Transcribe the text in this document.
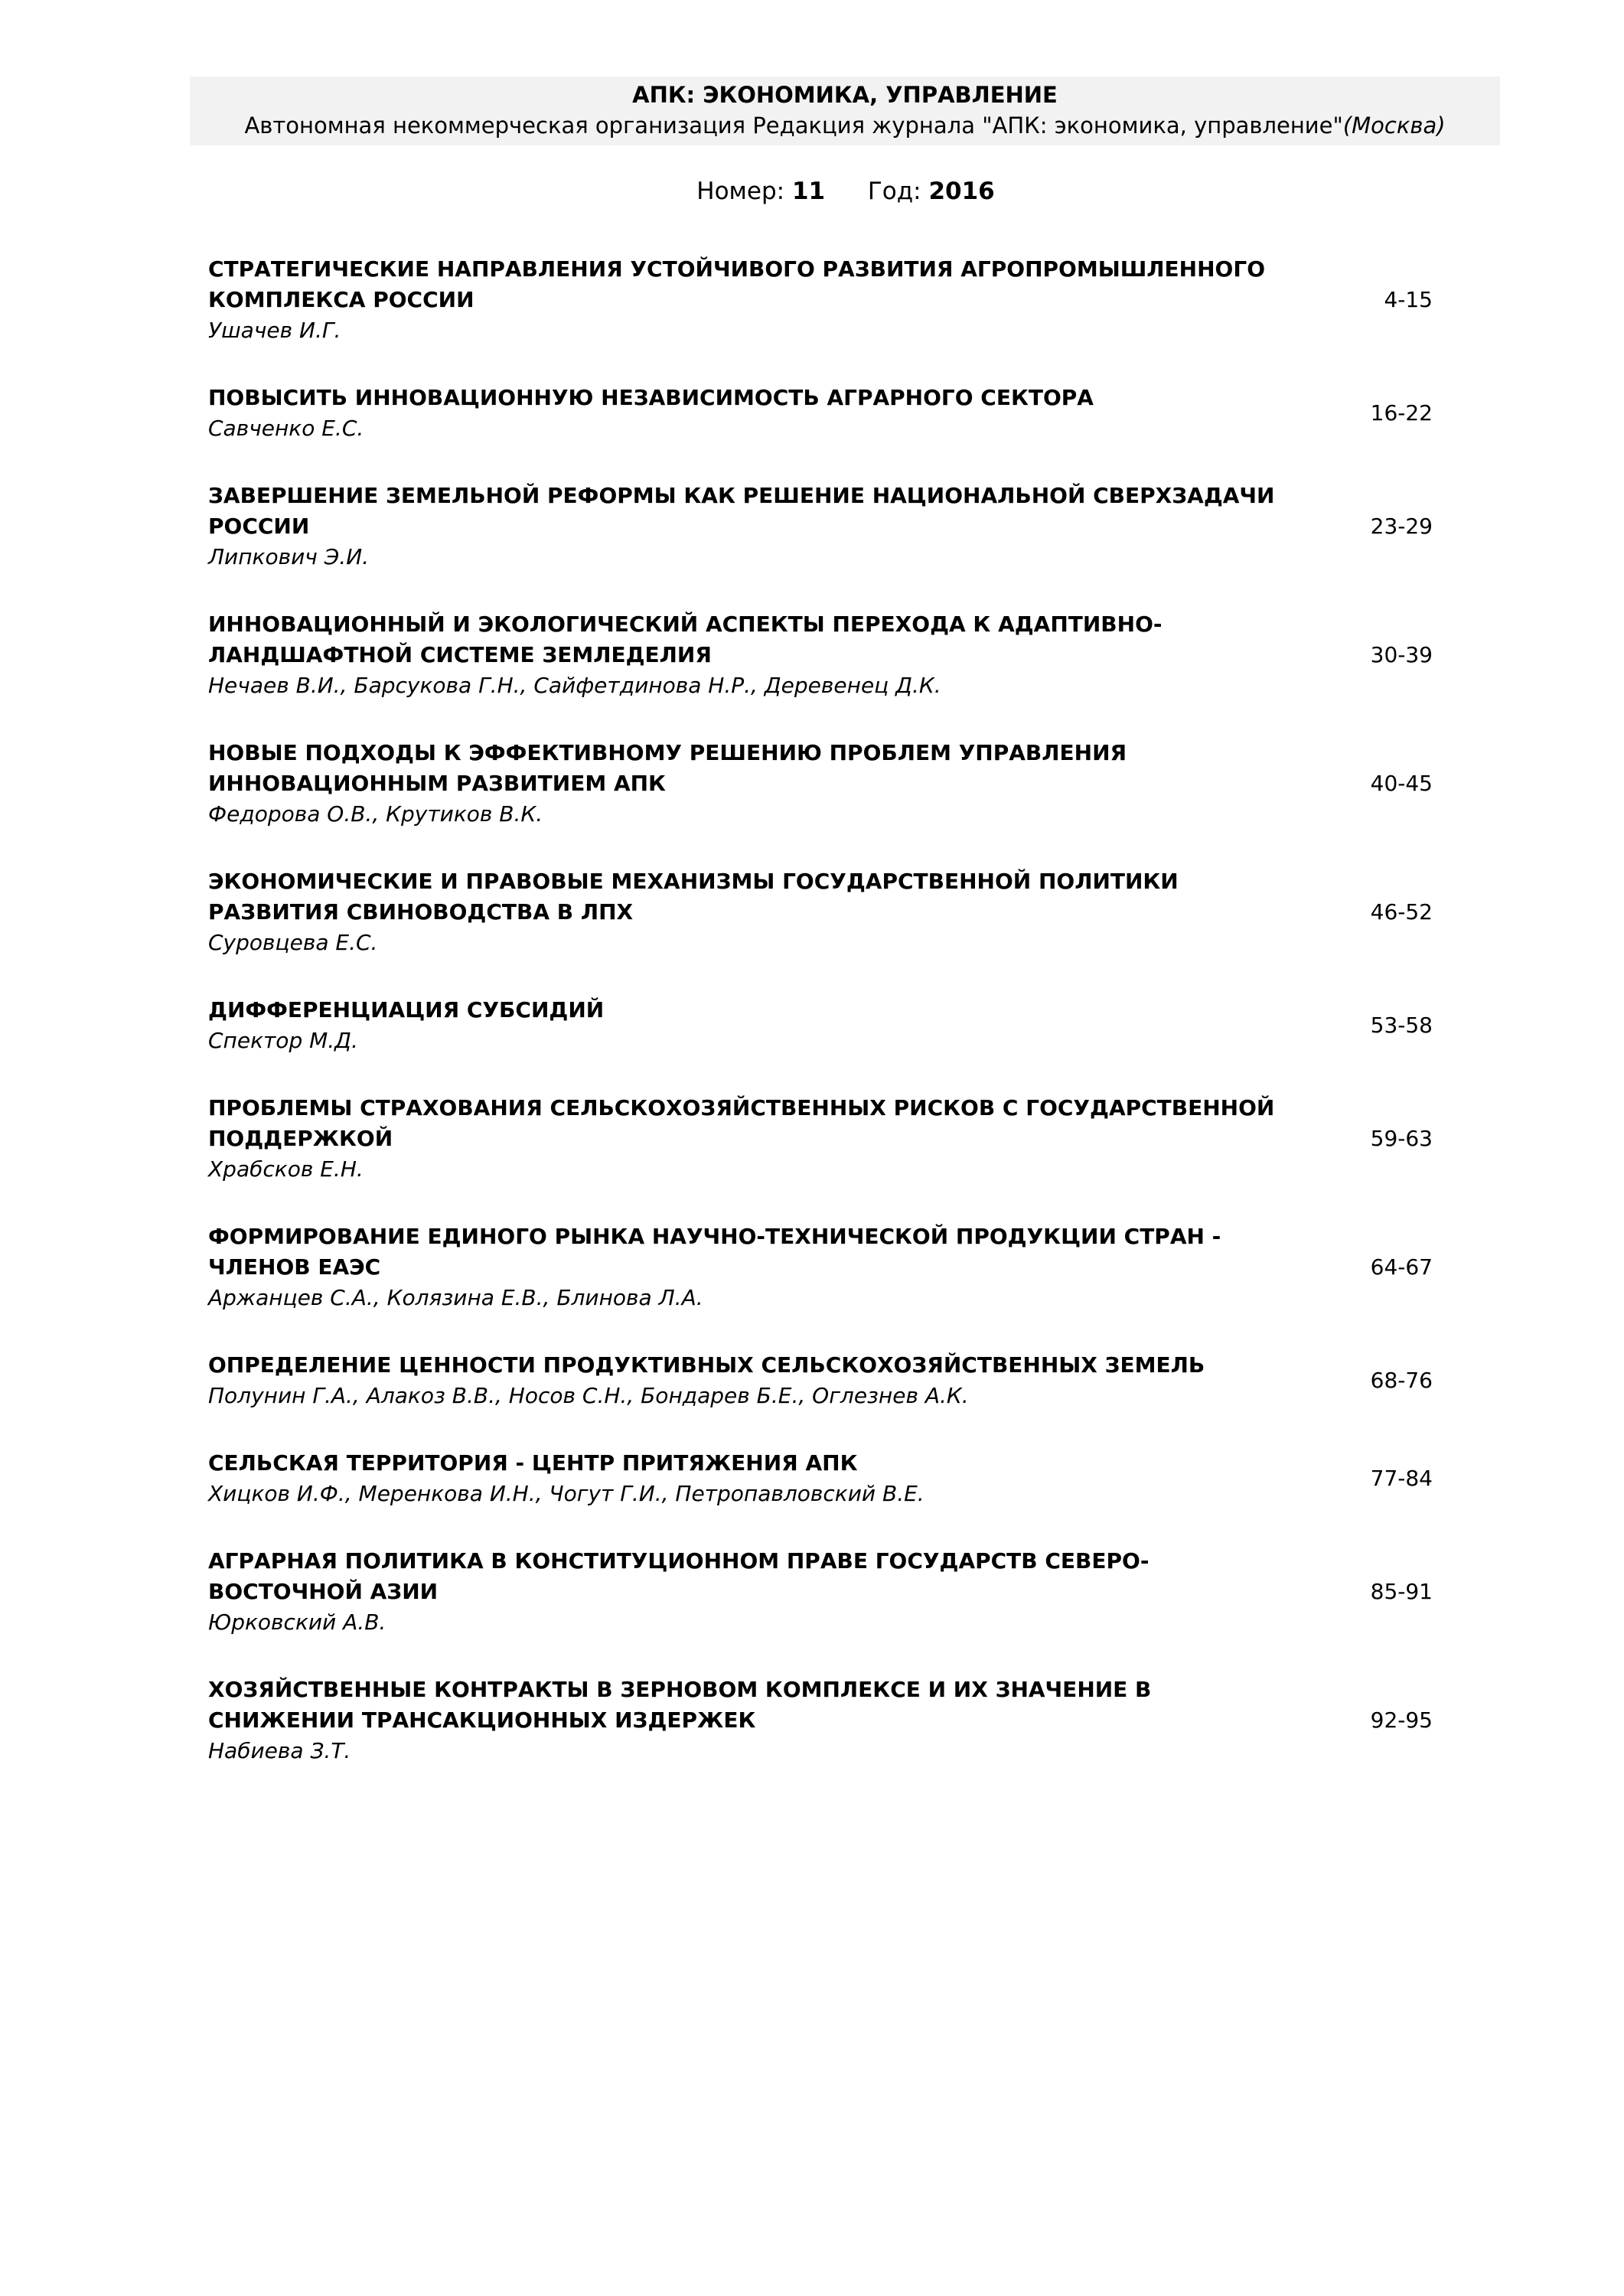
АПК: ЭКОНОМИКА, УПРАВЛЕНИЕ
Автономная некоммерческая организация Редакция журнала "АПК: экономика, управление"(Москва)
Номер: 11 Год: 2016
СТРАТЕГИЧЕСКИЕ НАПРАВЛЕНИЯ УСТОЙЧИВОГО РАЗВИТИЯ АГРОПРОМЫШЛЕННОГО КОМПЛЕКСА РОССИИ
Ушачев И.Г.
4-15
ПОВЫСИТЬ ИННОВАЦИОННУЮ НЕЗАВИСИМОСТЬ АГРАРНОГО СЕКТОРА
Савченко Е.С.
16-22
ЗАВЕРШЕНИЕ ЗЕМЕЛЬНОЙ РЕФОРМЫ КАК РЕШЕНИЕ НАЦИОНАЛЬНОЙ СВЕРХЗАДАЧИ РОССИИ
Липкович Э.И.
23-29
ИННОВАЦИОННЫЙ И ЭКОЛОГИЧЕСКИЙ АСПЕКТЫ ПЕРЕХОДА К АДАПТИВНО-ЛАНДШАФТНОЙ СИСТЕМЕ ЗЕМЛЕДЕЛИЯ
Нечаев В.И., Барсукова Г.Н., Сайфетдинова Н.Р., Деревенец Д.К.
30-39
НОВЫЕ ПОДХОДЫ К ЭФФЕКТИВНОМУ РЕШЕНИЮ ПРОБЛЕМ УПРАВЛЕНИЯ ИННОВАЦИОННЫМ РАЗВИТИЕМ АПК
Федорова О.В., Крутиков В.К.
40-45
ЭКОНОМИЧЕСКИЕ И ПРАВОВЫЕ МЕХАНИЗМЫ ГОСУДАРСТВЕННОЙ ПОЛИТИКИ РАЗВИТИЯ СВИНОВОДСТВА В ЛПХ
Суровцева Е.С.
46-52
ДИФФЕРЕНЦИАЦИЯ СУБСИДИЙ
Спектор М.Д.
53-58
ПРОБЛЕМЫ СТРАХОВАНИЯ СЕЛЬСКОХОЗЯЙСТВЕННЫХ РИСКОВ С ГОСУДАРСТВЕННОЙ ПОДДЕРЖКОЙ
Храбсков Е.Н.
59-63
ФОРМИРОВАНИЕ ЕДИНОГО РЫНКА НАУЧНО-ТЕХНИЧЕСКОЙ ПРОДУКЦИИ СТРАН - ЧЛЕНОВ ЕАЭС
Аржанцев С.А., Колязина Е.В., Блинова Л.А.
64-67
ОПРЕДЕЛЕНИЕ ЦЕННОСТИ ПРОДУКТИВНЫХ СЕЛЬСКОХОЗЯЙСТВЕННЫХ ЗЕМЕЛЬ
Полунин Г.А., Алакоз В.В., Носов С.Н., Бондарев Б.Е., Оглезнев А.К.
68-76
СЕЛЬСКАЯ ТЕРРИТОРИЯ - ЦЕНТР ПРИТЯЖЕНИЯ АПК
Хицков И.Ф., Меренкова И.Н., Чогут Г.И., Петропавловский В.Е.
77-84
АГРАРНАЯ ПОЛИТИКА В КОНСТИТУЦИОННОМ ПРАВЕ ГОСУДАРСТВ СЕВЕРО-ВОСТОЧНОЙ АЗИИ
Юрковский А.В.
85-91
ХОЗЯЙСТВЕННЫЕ КОНТРАКТЫ В ЗЕРНОВОМ КОМПЛЕКСЕ И ИХ ЗНАЧЕНИЕ В СНИЖЕНИИ ТРАНСАКЦИОННЫХ ИЗДЕРЖЕК
Набиева З.Т.
92-95
